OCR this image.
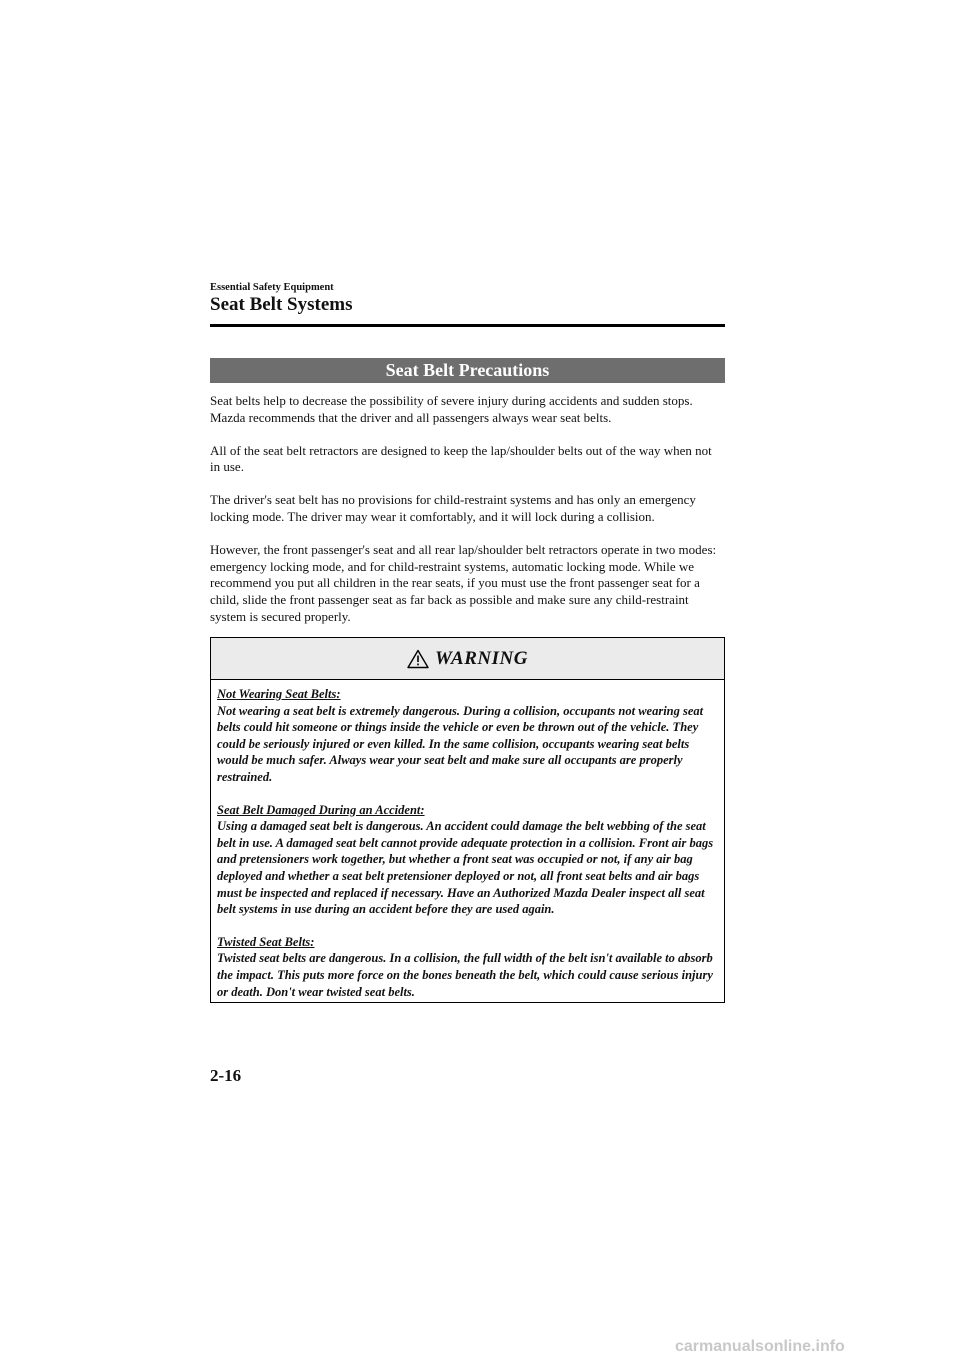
Essential Safety Equipment
Seat Belt Systems
Seat Belt Precautions

Seat belts help to decrease the possibility of severe injury during accidents and sudden stops. Mazda recommends that the driver and all passengers always wear seat belts.

All of the seat belt retractors are designed to keep the lap/shoulder belts out of the way when not in use.

The driver's seat belt has no provisions for child-restraint systems and has only an emergency locking mode. The driver may wear it comfortably, and it will lock during a collision.

However, the front passenger's seat and all rear lap/shoulder belt retractors operate in two modes: emergency locking mode, and for child-restraint systems, automatic locking mode. While we recommend you put all children in the rear seats, if you must use the front passenger seat for a child, slide the front passenger seat as far back as possible and make sure any child-restraint system is secured properly.

WARNING
Not Wearing Seat Belts:
Not wearing a seat belt is extremely dangerous. During a collision, occupants not wearing seat belts could hit someone or things inside the vehicle or even be thrown out of the vehicle. They could be seriously injured or even killed. In the same collision, occupants wearing seat belts would be much safer. Always wear your seat belt and make sure all occupants are properly restrained.
Seat Belt Damaged During an Accident:
Using a damaged seat belt is dangerous. An accident could damage the belt webbing of the seat belt in use. A damaged seat belt cannot provide adequate protection in a collision. Front air bags and pretensioners work together, but whether a front seat was occupied or not, if any air bag deployed and whether a seat belt pretensioner deployed or not, all front seat belts and air bags must be inspected and replaced if necessary. Have an Authorized Mazda Dealer inspect all seat belt systems in use during an accident before they are used again.
Twisted Seat Belts:
Twisted seat belts are dangerous. In a collision, the full width of the belt isn't available to absorb the impact. This puts more force on the bones beneath the belt, which could cause serious injury or death. Don't wear twisted seat belts.
2-16
carmanualsonline.info
